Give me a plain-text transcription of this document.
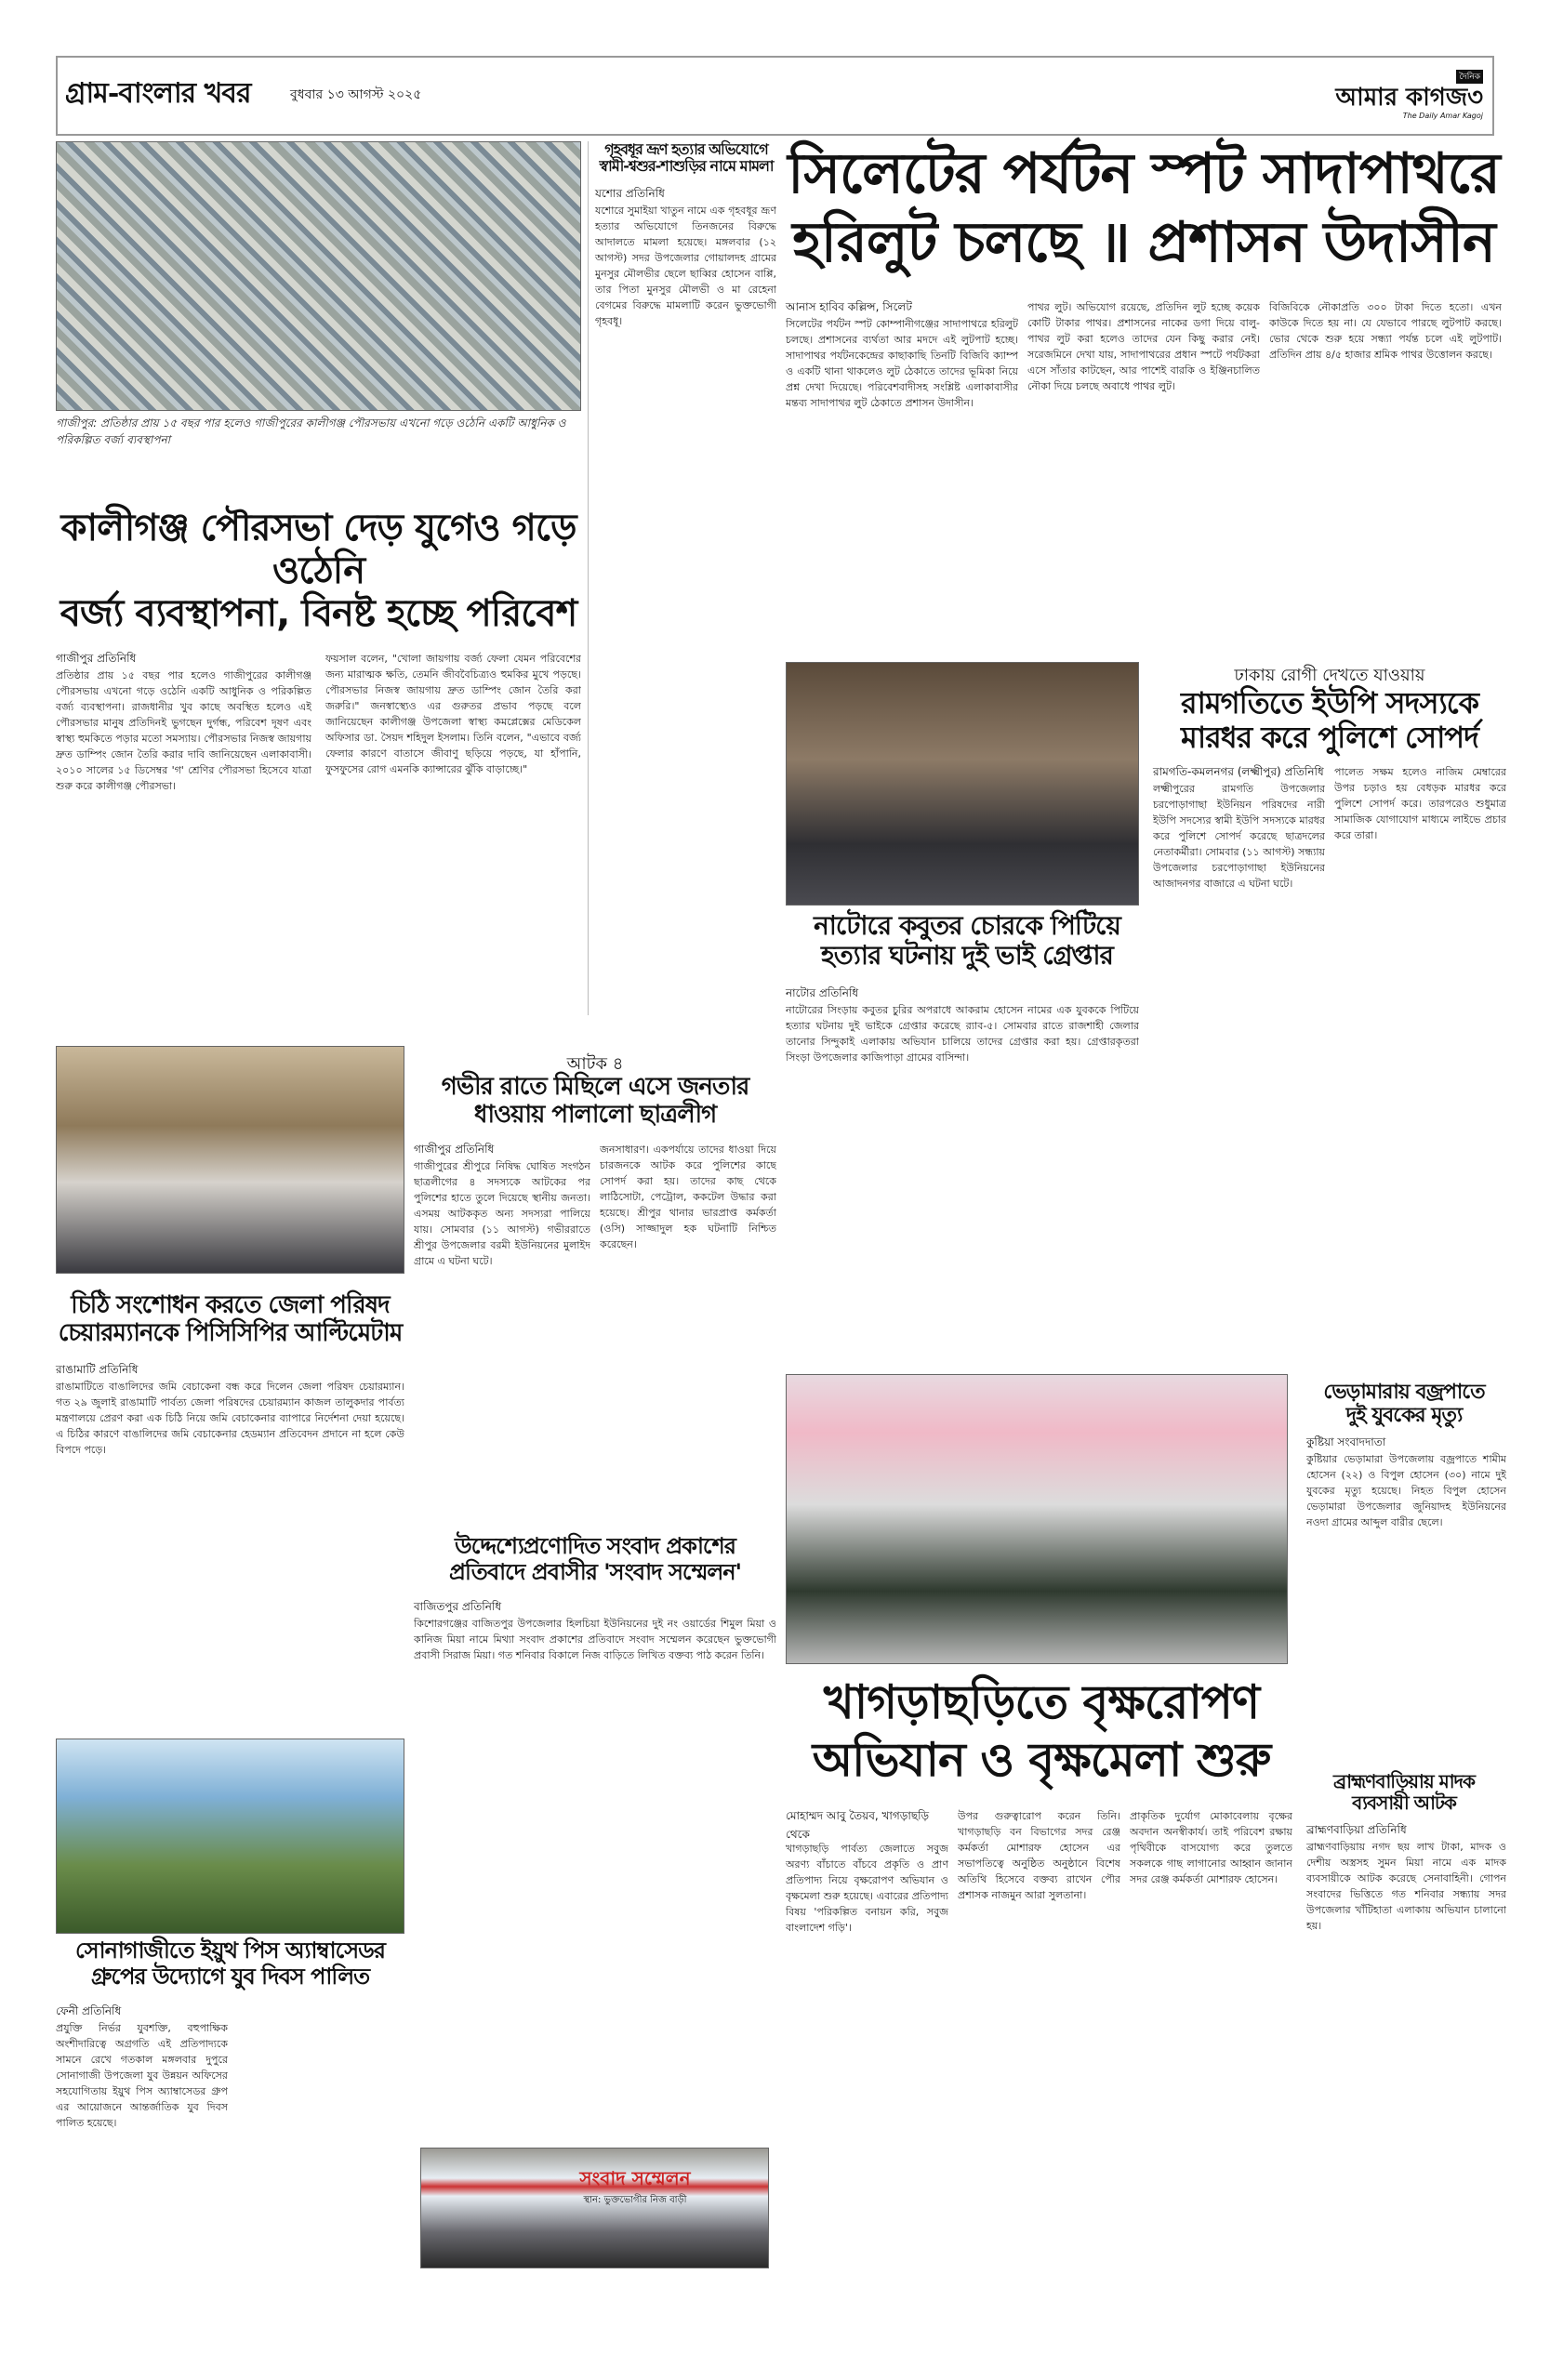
গ্রাম-বাংলার খবর	বুধবার ১৩ আগস্ট ২০২৫
দৈনিক
আমার কাগজ৩
The Daily Amar Kagoj
গাজীপুর: প্রতিষ্ঠার প্রায় ১৫ বছর পার হলেও গাজীপুরের কালীগঞ্জ পৌরসভায় এখনো গড়ে ওঠেনি একটি আধুনিক ও পরিকল্পিত বর্জ্য ব্যবস্থাপনা
কালীগঞ্জ পৌরসভা দেড় যুগেও গড়ে ওঠেনি
বর্জ্য ব্যবস্থাপনা, বিনষ্ট হচ্ছে পরিবেশ
গাজীপুর প্রতিনিধি
প্রতিষ্ঠার প্রায় ১৫ বছর পার হলেও গাজীপুরের কালীগঞ্জ পৌরসভায় এখনো গড়ে ওঠেনি একটি আধুনিক ও পরিকল্পিত বর্জ্য ব্যবস্থাপনা। রাজধানীর খুব কাছে অবস্থিত হলেও এই পৌরসভার মানুষ প্রতিদিনই ভুগছেন দুর্গন্ধ, পরিবেশ দূষণ এবং স্বাস্থ্য হুমকিতে পড়ার মতো সমস্যায়। পৌরসভার নিজস্ব জায়গায় দ্রুত ডাম্পিং জোন তৈরি করার দাবি জানিয়েছেন এলাকাবাসী। ২০১০ সালের ১৫ ডিসেম্বর 'গ' শ্রেণির পৌরসভা হিসেবে যাত্রা শুরু করে কালীগঞ্জ পৌরসভা।
ফয়সাল বলেন, "খোলা জায়গায় বর্জ্য ফেলা যেমন পরিবেশের জন্য মারাত্মক ক্ষতি, তেমনি জীববৈচিত্র্যও হুমকির মুখে পড়ছে। পৌরসভার নিজস্ব জায়গায় দ্রুত ডাম্পিং জোন তৈরি করা জরুরি।" জনস্বাস্থ্যেও এর গুরুতর প্রভাব পড়ছে বলে জানিয়েছেন কালীগঞ্জ উপজেলা স্বাস্থ্য কমপ্লেক্সের মেডিকেল অফিসার ডা. সৈয়দ শহিদুল ইসলাম। তিনি বলেন, "এভাবে বর্জ্য ফেলার কারণে বাতাসে জীবাণু ছড়িয়ে পড়ছে, যা হাঁপানি, ফুসফুসের রোগ এমনকি ক্যান্সারের ঝুঁকি বাড়াচ্ছে।"
গৃহবধূর ভ্রূণ হত্যার অভিযোগে
স্বামী-শ্বশুর-শাশুড়ির নামে মামলা
যশোর প্রতিনিধি
যশোরে সুমাইয়া খাতুন নামে এক গৃহবধূর ভ্রূণ হত্যার অভিযোগে তিনজনের বিরুদ্ধে আদালতে মামলা হয়েছে। মঙ্গলবার (১২ আগস্ট) সদর উপজেলার গোয়ালদহ গ্রামের মুনসুর মৌলভীর ছেলে ছাব্বির হোসেন বাপ্পি, তার পিতা মুনসুর মৌলভী ও মা রেহেনা বেগমের বিরুদ্ধে মামলাটি করেন ভুক্তভোগী গৃহবধূ।
সিলেটের পর্যটন স্পট সাদাপাথরে
হরিলুট চলছে ॥ প্রশাসন উদাসীন
আনাস হাবিব কল্লিন্স, সিলেট
সিলেটের পর্যটন স্পট কোম্পানীগঞ্জের সাদাপাথরে হরিলুট চলছে। প্রশাসনের ব্যর্থতা আর মদদে এই লুটপাট হচ্ছে। সাদাপাথর পর্যটনকেন্দ্রের কাছাকাছি তিনটি বিজিবি ক্যাম্প ও একটি থানা থাকলেও লুট ঠেকাতে তাদের ভূমিকা নিয়ে প্রশ্ন দেখা দিয়েছে। পরিবেশবাদীসহ সংশ্লিষ্ট এলাকাবাসীর মন্তব্য সাদাপাথর লুট ঠেকাতে প্রশাসন উদাসীন।
পাথর লুট। অভিযোগ রয়েছে, প্রতিদিন লুট হচ্ছে কয়েক কোটি টাকার পাথর। প্রশাসনের নাকের ডগা দিয়ে বালু-পাথর লুট করা হলেও তাদের যেন কিছু করার নেই। সরেজমিনে দেখা যায়, সাদাপাথরের প্রধান স্পটে পর্যটকরা এসে সাঁতার কাটছেন, আর পাশেই বারকি ও ইঞ্জিনচালিত নৌকা দিয়ে চলছে অবাধে পাথর লুট।
বিজিবিকে নৌকাপ্রতি ৩০০ টাকা দিতে হতো। এখন কাউকে দিতে হয় না। যে যেভাবে পারছে লুটপাট করছে। ভোর থেকে শুরু হয়ে সন্ধ্যা পর্যন্ত চলে এই লুটপাট। প্রতিদিন প্রায় ৪/৫ হাজার শ্রমিক পাথর উত্তোলন করছে।
নাটোরে কবুতর চোরকে পিটিয়ে
হত্যার ঘটনায় দুই ভাই গ্রেপ্তার
নাটোর প্রতিনিধি
নাটোরের সিংড়ায় কবুতর চুরির অপরাধে আকরাম হোসেন নামের এক যুবককে পিটিয়ে হত্যার ঘটনায় দুই ভাইকে গ্রেপ্তার করেছে র‍্যাব-৫। সোমবার রাতে রাজশাহী জেলার তানোর সিন্দুকাই এলাকায় অভিযান চালিয়ে তাদের গ্রেপ্তার করা হয়। গ্রেপ্তারকৃতরা সিংড়া উপজেলার কাজিপাড়া গ্রামের বাসিন্দা।
ঢাকায় রোগী দেখতে যাওয়ায়
রামগতিতে ইউপি সদস্যকে
মারধর করে পুলিশে সোপর্দ
রামগতি-কমলনগর (লক্ষ্মীপুর) প্রতিনিধি
লক্ষ্মীপুরের রামগতি উপজেলার চরপোড়াগাছা ইউনিয়ন পরিষদের নারী ইউপি সদস্যের স্বামী ইউপি সদস্যকে মারধর করে পুলিশে সোপর্দ করেছে ছাত্রদলের নেতাকর্মীরা। সোমবার (১১ আগস্ট) সন্ধ্যায় উপজেলার চরপোড়াগাছা ইউনিয়নের আজাদনগর বাজারে এ ঘটনা ঘটে।
পালেত সক্ষম হলেও নাজিম মেম্বারের উপর চড়াও হয় বেধড়ক মারধর করে পুলিশে সোপর্দ করে। তারপরেও শুধুমাত্র সামাজিক যোগাযোগ মাধ্যমে লাইভে প্রচার করে তারা।
আটক ৪
গভীর রাতে মিছিলে এসে জনতার
ধাওয়ায় পালালো ছাত্রলীগ
গাজীপুর প্রতিনিধি
গাজীপুরের শ্রীপুরে নিষিদ্ধ ঘোষিত সংগঠন ছাত্রলীগের ৪ সদস্যকে আটকের পর পুলিশের হাতে তুলে দিয়েছে স্থানীয় জনতা। এসময় আটককৃত অন্য সদস্যরা পালিয়ে যায়। সোমবার (১১ আগস্ট) গভীররাতে শ্রীপুর উপজেলার বরমী ইউনিয়নের মুলাইদ গ্রামে এ ঘটনা ঘটে।
জনসাধারণ। একপর্যায়ে তাদের ধাওয়া দিয়ে চারজনকে আটক করে পুলিশের কাছে সোপর্দ করা হয়। তাদের কাছ থেকে লাঠিসোটা, পেট্রোল, ককটেল উদ্ধার করা হয়েছে। শ্রীপুর থানার ভারপ্রাপ্ত কর্মকর্তা (ওসি) সাজ্জাদুল হক ঘটনাটি নিশ্চিত করেছেন।
চিঠি সংশোধন করতে জেলা পরিষদ
চেয়ারম্যানকে পিসিসিপির আল্টিমেটাম
রাঙামাটি প্রতিনিধি
রাঙামাটিতে বাঙালিদের জমি বেচাকেনা বন্ধ করে দিলেন জেলা পরিষদ চেয়ারম্যান। গত ২৯ জুলাই রাঙামাটি পার্বত্য জেলা পরিষদের চেয়ারম্যান কাজল তালুকদার পার্বত্য মন্ত্রণালয়ে প্রেরণ করা এক চিঠি নিয়ে জমি বেচাকেনার ব্যাপারে নির্দেশনা দেয়া হয়েছে। এ চিঠির কারণে বাঙালিদের জমি বেচাকেনার হেডম্যান প্রতিবেদন প্রদানে না হলে কেউ বিপদে পড়ে।
উদ্দেশ্যেপ্রণোদিত সংবাদ প্রকাশের
প্রতিবাদে প্রবাসীর 'সংবাদ সম্মেলন'
বাজিতপুর প্রতিনিধি
কিশোরগঞ্জের বাজিতপুর উপজেলার হিলচিয়া ইউনিয়নের দুই নং ওয়ার্ডের শিমুল মিয়া ও কানিজ মিয়া নামে মিথ্যা সংবাদ প্রকাশের প্রতিবাদে সংবাদ সম্মেলন করেছেন ভুক্তভোগী প্রবাসী সিরাজ মিয়া। গত শনিবার বিকালে নিজ বাড়িতে লিখিত বক্তব্য পাঠ করেন তিনি।
সংবাদ সম্মেলন
স্থান: ভুক্তভোগীর নিজ বাড়ী
সোনাগাজীতে ইয়ুথ পিস অ্যাম্বাসেডর
গ্রুপের উদ্যোগে যুব দিবস পালিত
ফেনী প্রতিনিধি
প্রযুক্তি নির্ভর যুবশক্তি, বহুপাক্ষিক অংশীদারিত্বে অগ্রগতি এই প্রতিপাদ্যকে সামনে রেখে গতকাল মঙ্গলবার দুপুরে সোনাগাজী উপজেলা যুব উন্নয়ন অফিসের সহযোগিতায় ইয়ুথ পিস অ্যাম্বাসেডর গ্রুপ এর আয়োজনে আন্তর্জাতিক যুব দিবস পালিত হয়েছে।
খাগড়াছড়িতে বৃক্ষরোপণ
অভিযান ও বৃক্ষমেলা শুরু
মোহাম্মদ আবু তৈয়ব, খাগড়াছড়ি থেকে
খাগড়াছড়ি পার্বত্য জেলাতে সবুজ অরণ্য বাঁচাতে বাঁচবে প্রকৃতি ও প্রাণ প্রতিপাদ্য নিয়ে বৃক্ষরোপণ অভিযান ও বৃক্ষমেলা শুরু হয়েছে। এবারের প্রতিপাদ্য বিষয় 'পরিকল্পিত বনায়ন করি, সবুজ বাংলাদেশ গড়ি'।
উপর গুরুত্বারোপ করেন তিনি। খাগড়াছড়ি বন বিভাগের সদর রেঞ্জ কর্মকর্তা মোশারফ হোসেন এর সভাপতিত্বে অনুষ্ঠিত অনুষ্ঠানে বিশেষ অতিথি হিসেবে বক্তব্য রাখেন পৌর প্রশাসক নাজমুন আরা সুলতানা।
প্রাকৃতিক দুর্যোগ মোকাবেলায় বৃক্ষের অবদান অনস্বীকার্য। তাই পরিবেশ রক্ষায় পৃথিবীকে বাসযোগ্য করে তুলতে সকলকে গাছ লাগানোর আহ্বান জানান সদর রেঞ্জ কর্মকর্তা মোশারফ হোসেন।
ভেড়ামারায় বজ্রপাতে
দুই যুবকের মৃত্যু
কুষ্টিয়া সংবাদদাতা
কুষ্টিয়ার ভেড়ামারা উপজেলায় বজ্রপাতে শামীম হোসেন (২২) ও বিপুল হোসেন (৩০) নামে দুই যুবকের মৃত্যু হয়েছে। নিহত বিপুল হোসেন ভেড়ামারা উপজেলার জুনিয়াদহ ইউনিয়নের নওদা গ্রামের আব্দুল বারীর ছেলে।
ব্রাহ্মণবাড়িয়ায় মাদক
ব্যবসায়ী আটক
ব্রাহ্মণবাড়িয়া প্রতিনিধি
ব্রাহ্মণবাড়িয়ায় নগদ ছয় লাখ টাকা, মাদক ও দেশীয় অস্ত্রসহ সুমন মিয়া নামে এক মাদক ব্যবসায়ীকে আটক করেছে সেনাবাহিনী। গোপন সংবাদের ভিত্তিতে গত শনিবার সন্ধ্যায় সদর উপজেলার খাঁটিহাতা এলাকায় অভিযান চালানো হয়।
